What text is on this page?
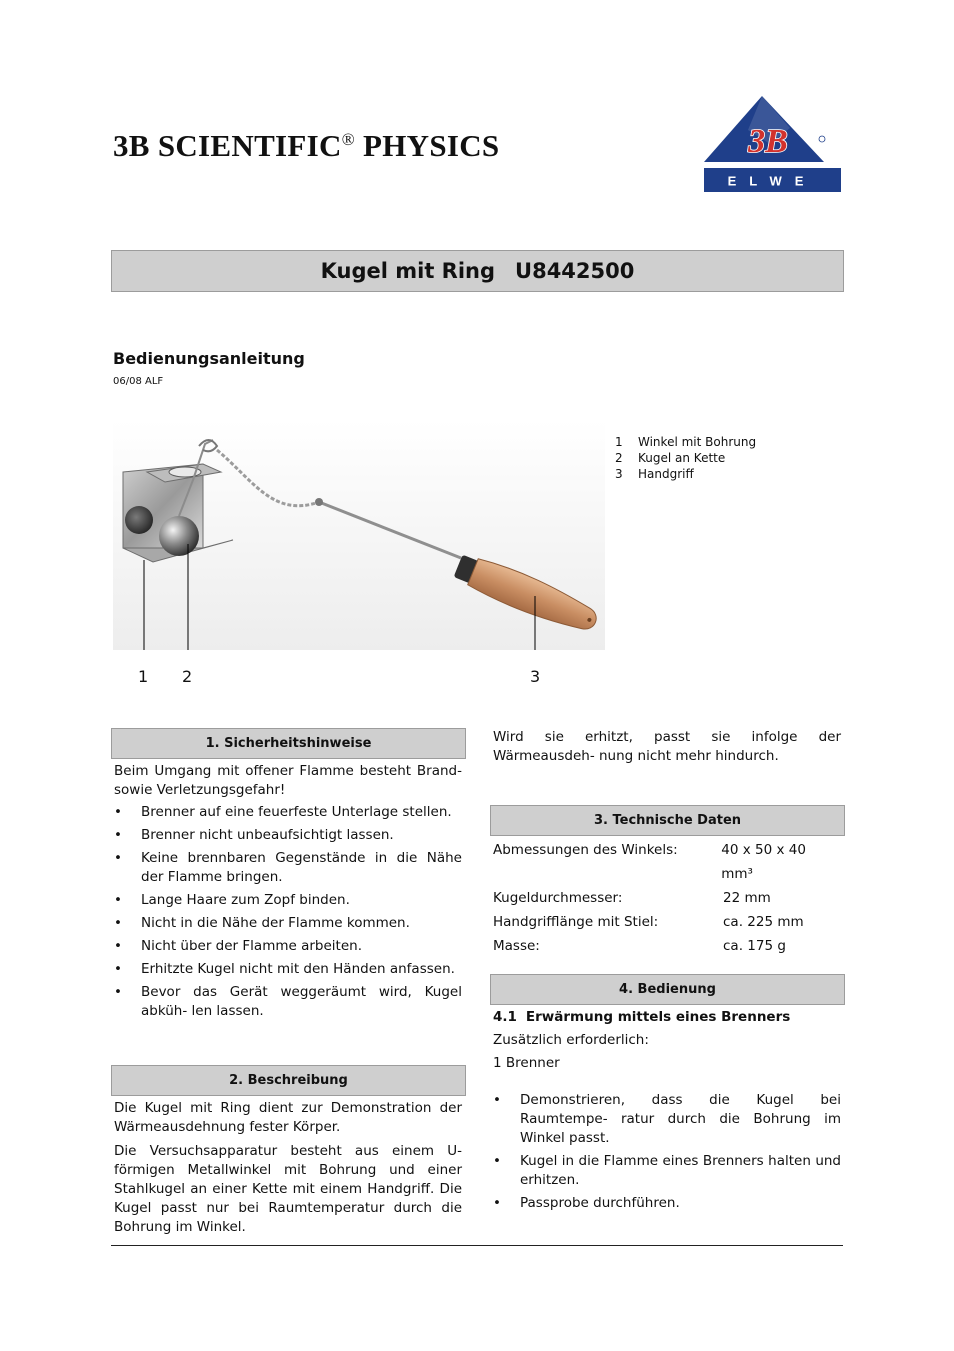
3B SCIENTIFIC® PHYSICS	3B
ELWE
Kugel mit Ring U8442500
Bedienungsanleitung
06/08 ALF
1 2	3
1	Winkel mit Bohrung
2	Kugel an Kette
3	Handgriff
1. Sicherheitshinweise
Beim Umgang mit offener Flamme besteht Brand- sowie Verletzungsgefahr!
• Brenner auf eine feuerfeste Unterlage stellen.
• Brenner nicht unbeaufsichtigt lassen.
• Keine brennbaren Gegenstände in die Nähe der Flamme bringen.
• Lange Haare zum Zopf binden.
• Nicht in die Nähe der Flamme kommen.
• Nicht über der Flamme arbeiten.
• Erhitzte Kugel nicht mit den Händen anfassen.
• Bevor das Gerät weggeräumt wird, Kugel abküh- len lassen.
2. Beschreibung
Die Kugel mit Ring dient zur Demonstration der Wärmeausdehnung fester Körper.
Die Versuchsapparatur besteht aus einem U-förmigen Metallwinkel mit Bohrung und einer Stahlkugel an einer Kette mit einem Handgriff. Die Kugel passt nur bei Raumtemperatur durch die Bohrung im Winkel.
Wird sie erhitzt, passt sie infolge der Wärmeausdeh- nung nicht mehr hindurch.
3. Technische Daten
Abmessungen des Winkels:	40 x 50 x 40 mm³
Kugeldurchmesser:	22 mm
Handgrifflänge mit Stiel:	ca. 225 mm
Masse:	ca. 175 g
4. Bedienung
4.1 Erwärmung mittels eines Brenners
Zusätzlich erforderlich:
1 Brenner
• Demonstrieren, dass die Kugel bei Raumtempe- ratur durch die Bohrung im Winkel passt.
• Kugel in die Flamme eines Brenners halten und erhitzen.
• Passprobe durchführen.
